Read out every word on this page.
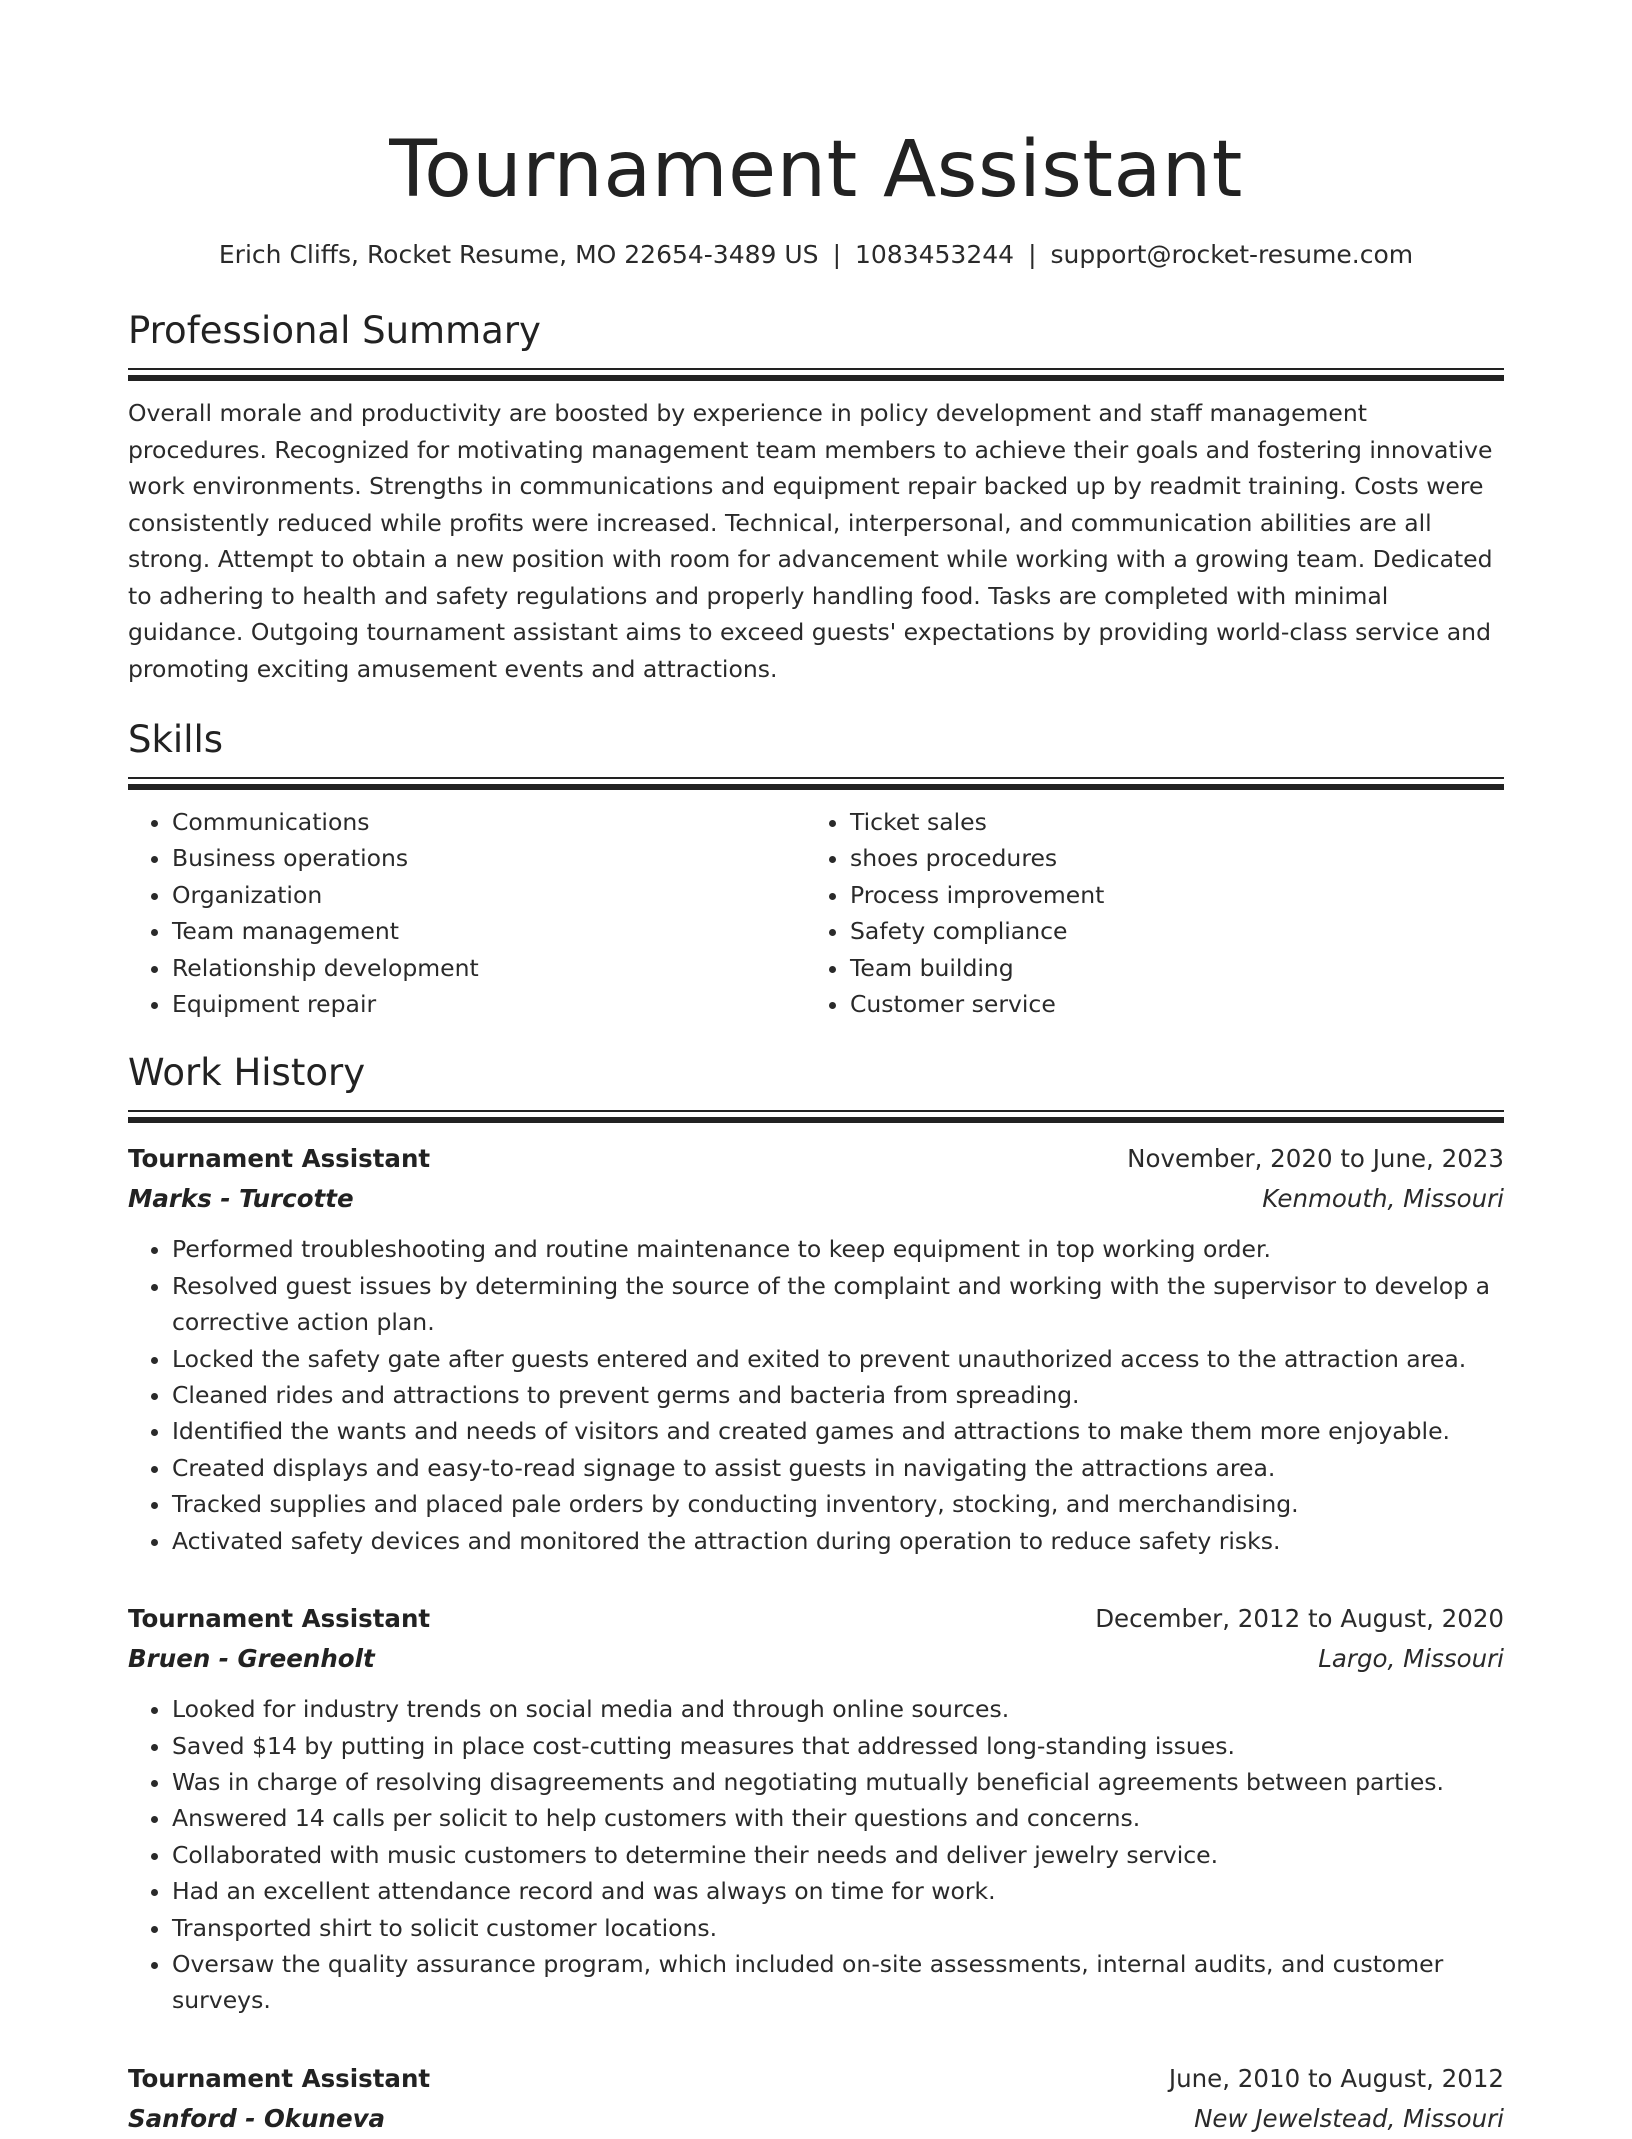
Tournament Assistant
Erich Cliffs, Rocket Resume, MO 22654-3489 US | 1083453244 | support@rocket-resume.com
Professional Summary
Overall morale and productivity are boosted by experience in policy development and staff management procedures. Recognized for motivating management team members to achieve their goals and fostering innovative work environments. Strengths in communications and equipment repair backed up by readmit training. Costs were consistently reduced while profits were increased. Technical, interpersonal, and communication abilities are all strong. Attempt to obtain a new position with room for advancement while working with a growing team. Dedicated to adhering to health and safety regulations and properly handling food. Tasks are completed with minimal guidance. Outgoing tournament assistant aims to exceed guests' expectations by providing world-class service and promoting exciting amusement events and attractions.
Skills
• Communications
• Business operations
• Organization
• Team management
• Relationship development
• Equipment repair
• Ticket sales
• shoes procedures
• Process improvement
• Safety compliance
• Team building
• Customer service
Work History
Tournament Assistant	November, 2020 to June, 2023
Marks - Turcotte	Kenmouth, Missouri
• Performed troubleshooting and routine maintenance to keep equipment in top working order.
• Resolved guest issues by determining the source of the complaint and working with the supervisor to develop a corrective action plan.
• Locked the safety gate after guests entered and exited to prevent unauthorized access to the attraction area.
• Cleaned rides and attractions to prevent germs and bacteria from spreading.
• Identified the wants and needs of visitors and created games and attractions to make them more enjoyable.
• Created displays and easy-to-read signage to assist guests in navigating the attractions area.
• Tracked supplies and placed pale orders by conducting inventory, stocking, and merchandising.
• Activated safety devices and monitored the attraction during operation to reduce safety risks.
Tournament Assistant	December, 2012 to August, 2020
Bruen - Greenholt	Largo, Missouri
• Looked for industry trends on social media and through online sources.
• Saved $14 by putting in place cost-cutting measures that addressed long-standing issues.
• Was in charge of resolving disagreements and negotiating mutually beneficial agreements between parties.
• Answered 14 calls per solicit to help customers with their questions and concerns.
• Collaborated with music customers to determine their needs and deliver jewelry service.
• Had an excellent attendance record and was always on time for work.
• Transported shirt to solicit customer locations.
• Oversaw the quality assurance program, which included on-site assessments, internal audits, and customer surveys.
Tournament Assistant	June, 2010 to August, 2012
Sanford - Okuneva	New Jewelstead, Missouri
